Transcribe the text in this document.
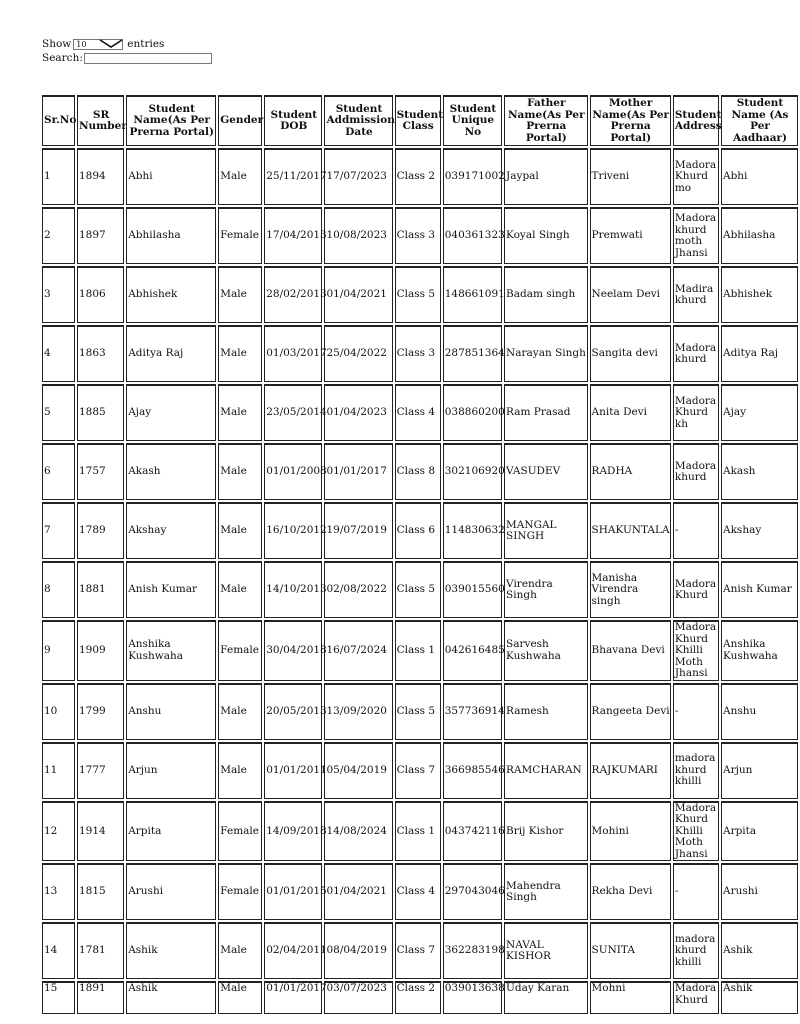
Show 10	entries
Search:
Sr.No	SR Number	Student Name(As Per Prerna Portal)	Gender	Student DOB	Student Addmission Date	Student Class	Student Unique No	Father Name(As Per Prerna Portal)	Mother Name(As Per Prerna Portal)	Student Address	Student Name (As Per Aadhaar)
1	1894	Abhi	Male	25/11/2017	17/07/2023	Class 2	039171002	Jaypal	Triveni	Madora Khurd mo	Abhi
2	1897	Abhilasha	Female	17/04/2013	10/08/2023	Class 3	040361323	Koyal Singh	Premwati	Madora khurd moth Jhansi	Abhilasha
3	1806	Abhishek	Male	28/02/2013	01/04/2021	Class 5	148661091	Badam singh	Neelam Devi	Madira khurd	Abhishek
4	1863	Aditya Raj	Male	01/03/2017	25/04/2022	Class 3	287851364	Narayan Singh	Sangita devi	Madora khurd	Aditya Raj
5	1885	Ajay	Male	23/05/2014	01/04/2023	Class 4	038860200	Ram Prasad	Anita Devi	Madora Khurd kh	Ajay
6	1757	Akash	Male	01/01/2008	01/01/2017	Class 8	302106920	VASUDEV	RADHA	Madora khurd	Akash
7	1789	Akshay	Male	16/10/2012	19/07/2019	Class 6	114830632	MANGAL SINGH	SHAKUNTALA	-	Akshay
8	1881	Anish Kumar	Male	14/10/2013	02/08/2022	Class 5	039015560	Virendra Singh	Manisha Virendra singh	Madora Khurd	Anish Kumar
9	1909	Anshika Kushwaha	Female	30/04/2018	16/07/2024	Class 1	042616485	Sarvesh Kushwaha	Bhavana Devi	Madora Khurd Khilli Moth Jhansi	Anshika Kushwaha
10	1799	Anshu	Male	20/05/2013	13/09/2020	Class 5	357736914	Ramesh	Rangeeta Devi	-	Anshu
11	1777	Arjun	Male	01/01/2011	05/04/2019	Class 7	366985546	RAMCHARAN	RAJKUMARI	madora khurd khilli	Arjun
12	1914	Arpita	Female	14/09/2018	14/08/2024	Class 1	043742116	Brij Kishor	Mohini	Madora Khurd Khilli Moth Jhansi	Arpita
13	1815	Arushi	Female	01/01/2015	01/04/2021	Class 4	297043046	Mahendra Singh	Rekha Devi	-	Arushi
14	1781	Ashik	Male	02/04/2011	08/04/2019	Class 7	362283198	NAVAL KISHOR	SUNITA	madora khurd khilli	Ashik
15	1891	Ashik	Male	01/01/2017	03/07/2023	Class 2	039013638	Uday Karan	Mohni	Madora Khurd	Ashik
